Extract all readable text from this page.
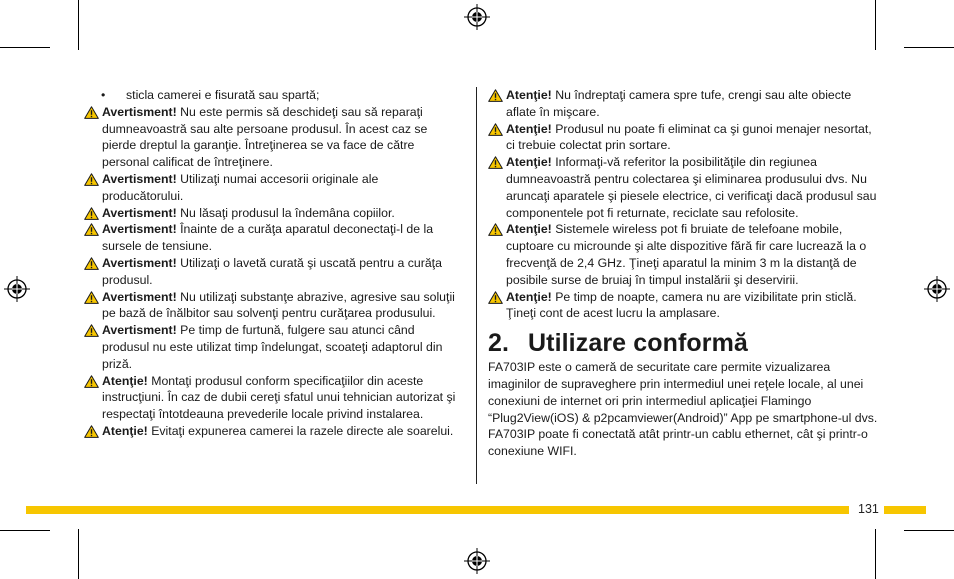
• sticla camerei e fisurată sau spartă;
Avertisment! Nu este permis să deschideţi sau să reparaţi dumneavoastră sau alte persoane produsul. În acest caz se pierde dreptul la garanţie. Întreţinerea se va face de către personal calificat de întreţinere.
Avertisment! Utilizaţi numai accesorii originale ale producătorului.
Avertisment! Nu lăsaţi produsul la îndemâna copiilor.
Avertisment! Înainte de a curăţa aparatul deconectaţi-l de la sursele de tensiune.
Avertisment! Utilizaţi o lavetă curată şi uscată pentru a curăţa produsul.
Avertisment! Nu utilizaţi substanţe abrazive, agresive sau soluţii pe bază de înălbitor sau solvenţi pentru curăţarea produsului.
Avertisment! Pe timp de furtună, fulgere sau atunci când produsul nu este utilizat timp îndelungat, scoateţi adaptorul din priză.
Atenţie! Montaţi produsul conform specificaţiilor din aceste instrucţiuni. În caz de dubii cereţi sfatul unui tehnician autorizat şi respectaţi întotdeauna prevederile locale privind instalarea.
Atenţie! Evitaţi expunerea camerei la razele directe ale soarelui.
Atenţie! Nu îndreptaţi camera spre tufe, crengi sau alte obiecte aflate în mişcare.
Atenţie! Produsul nu poate fi eliminat ca şi gunoi menajer nesortat, ci trebuie colectat prin sortare.
Atenţie! Informaţi-vă referitor la posibilităţile din regiunea dumneavoastră pentru colectarea şi eliminarea produsului dvs. Nu aruncaţi aparatele şi piesele electrice, ci verificaţi dacă produsul sau componentele pot fi returnate, reciclate sau refolosite.
Atenţie! Sistemele wireless pot fi bruiate de telefoane mobile, cuptoare cu microunde şi alte dispozitive fără fir care lucrează la o frecvenţă de 2,4 GHz. Ţineţi aparatul la minim 3 m la distanţă de posibile surse de bruiaj în timpul instalării şi deservirii.
Atenţie! Pe timp de noapte, camera nu are vizibilitate prin sticlă. Ţineţi cont de acest lucru la amplasare.
2. Utilizare conformă
FA703IP este o cameră de securitate care permite vizualizarea imaginilor de supraveghere prin intermediul unei reţele locale, al unei conexiuni de internet ori prin intermediul aplicaţiei Flamingo “Plug2View(iOS) & p2pcamviewer(Android)” App pe smartphone-ul dvs. FA703IP poate fi conectată atât printr-un cablu ethernet, cât şi printr-o conexiune WIFI.
131
